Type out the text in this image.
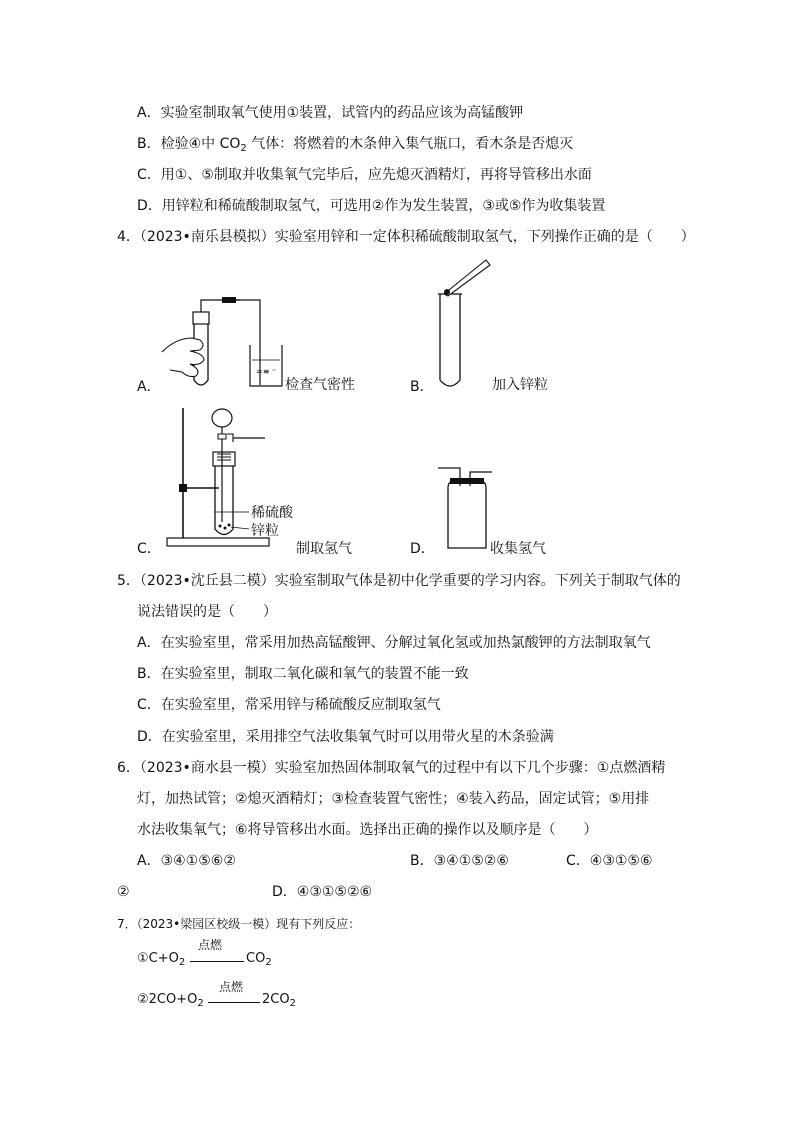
A．实验室制取氧气使用①装置，试管内的药品应该为高锰酸钾
B．检验④中 $CO_2$ 气体：将燃着的木条伸入集气瓶口，看木条是否熄灭
C．用①、⑤制取并收集氧气完毕后，应先熄灭酒精灯，再将导管移出水面
D．用锌粒和稀硫酸制取氢气，可选用②作为发生装置，③或⑤作为收集装置
4．（2023•南乐县模拟）实验室用锌和一定体积稀硫酸制取氢气，下列操作正确的是（　　）
A．
=≡ ⁼
检查气密性	B．	加入锌粒
C．
稀硫酸
锌粒
制取氢气	D．	收集氢气
5．（2023•沈丘县二模）实验室制取气体是初中化学重要的学习内容。下列关于制取气体的
说法错误的是（　　）
A．在实验室里，常采用加热高锰酸钾、分解过氧化氢或加热氯酸钾的方法制取氧气
B．在实验室里，制取二氧化碳和氧气的装置不能一致
C．在实验室里，常采用锌与稀硫酸反应制取氢气
D．在实验室里，采用排空气法收集氧气时可以用带火星的木条验满
6．（2023•商水县一模）实验室加热固体制取氧气的过程中有以下几个步骤：①点燃酒精
灯，加热试管；②熄灭酒精灯；③检查装置气密性；④装入药品，固定试管；⑤用排
水法收集氧气；⑥将导管移出水面。选择出正确的操作以及顺序是（　　）
A．③④①⑤⑥②	B．③④①⑤②⑥	C．④③①⑤⑥
②	D．④③①⑤②⑥
7．（2023•梁园区校级一模）现有下列反应：
$①C+O_2$
点燃
$CO_2$
$②2CO+O_2$
点燃
$2CO_2$
